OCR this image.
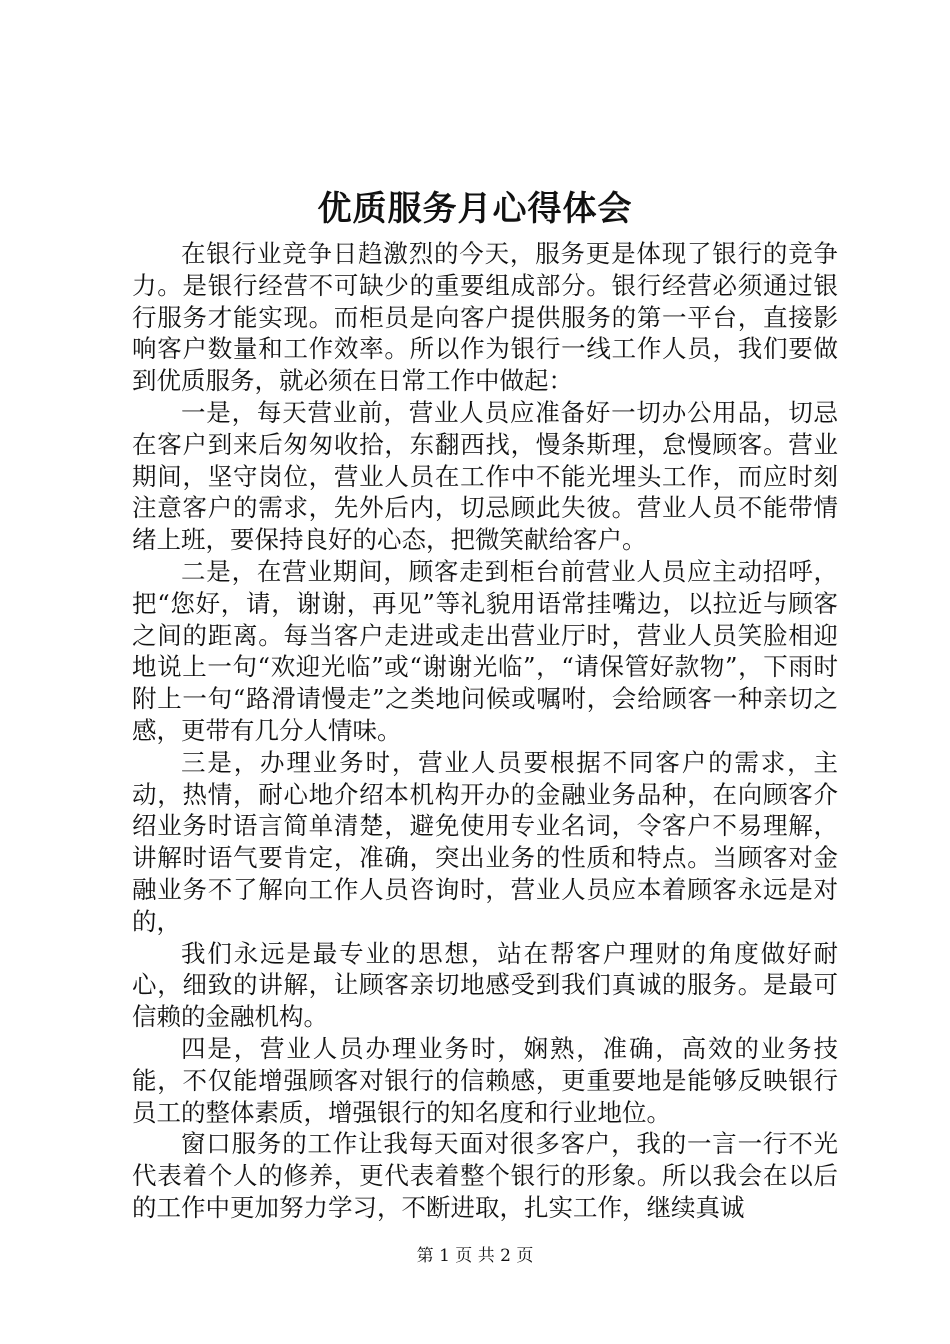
优质服务月心得体会

在银行业竞争日趋激烈的今天，服务更是体现了银行的竞争力。是银行经营不可缺少的重要组成部分。银行经营必须通过银行服务才能实现。而柜员是向客户提供服务的第一平台，直接影响客户数量和工作效率。所以作为银行一线工作人员，我们要做到优质服务，就必须在日常工作中做起：

一是，每天营业前，营业人员应准备好一切办公用品，切忌在客户到来后匆匆收拾，东翻西找，慢条斯理，怠慢顾客。营业期间，坚守岗位，营业人员在工作中不能光埋头工作，而应时刻注意客户的需求，先外后内，切忌顾此失彼。营业人员不能带情绪上班，要保持良好的心态，把微笑献给客户。

二是，在营业期间，顾客走到柜台前营业人员应主动招呼，把“您好，请，谢谢，再见”等礼貌用语常挂嘴边，以拉近与顾客之间的距离。每当客户走进或走出营业厅时，营业人员笑脸相迎地说上一句“欢迎光临”或“谢谢光临”，“请保管好款物”，下雨时附上一句“路滑请慢走”之类地问候或嘱咐，会给顾客一种亲切之感，更带有几分人情味。

三是，办理业务时，营业人员要根据不同客户的需求，主动，热情，耐心地介绍本机构开办的金融业务品种，在向顾客介绍业务时语言简单清楚，避免使用专业名词，令客户不易理解，讲解时语气要肯定，准确，突出业务的性质和特点。当顾客对金融业务不了解向工作人员咨询时，营业人员应本着顾客永远是对的，

我们永远是最专业的思想，站在帮客户理财的角度做好耐心，细致的讲解，让顾客亲切地感受到我们真诚的服务。是最可信赖的金融机构。

四是，营业人员办理业务时，娴熟，准确，高效的业务技能，不仅能增强顾客对银行的信赖感，更重要地是能够反映银行员工的整体素质，增强银行的知名度和行业地位。

窗口服务的工作让我每天面对很多客户，我的一言一行不光代表着个人的修养，更代表着整个银行的形象。所以我会在以后的工作中更加努力学习，不断进取，扎实工作，继续真诚

第 1 页 共 2 页
